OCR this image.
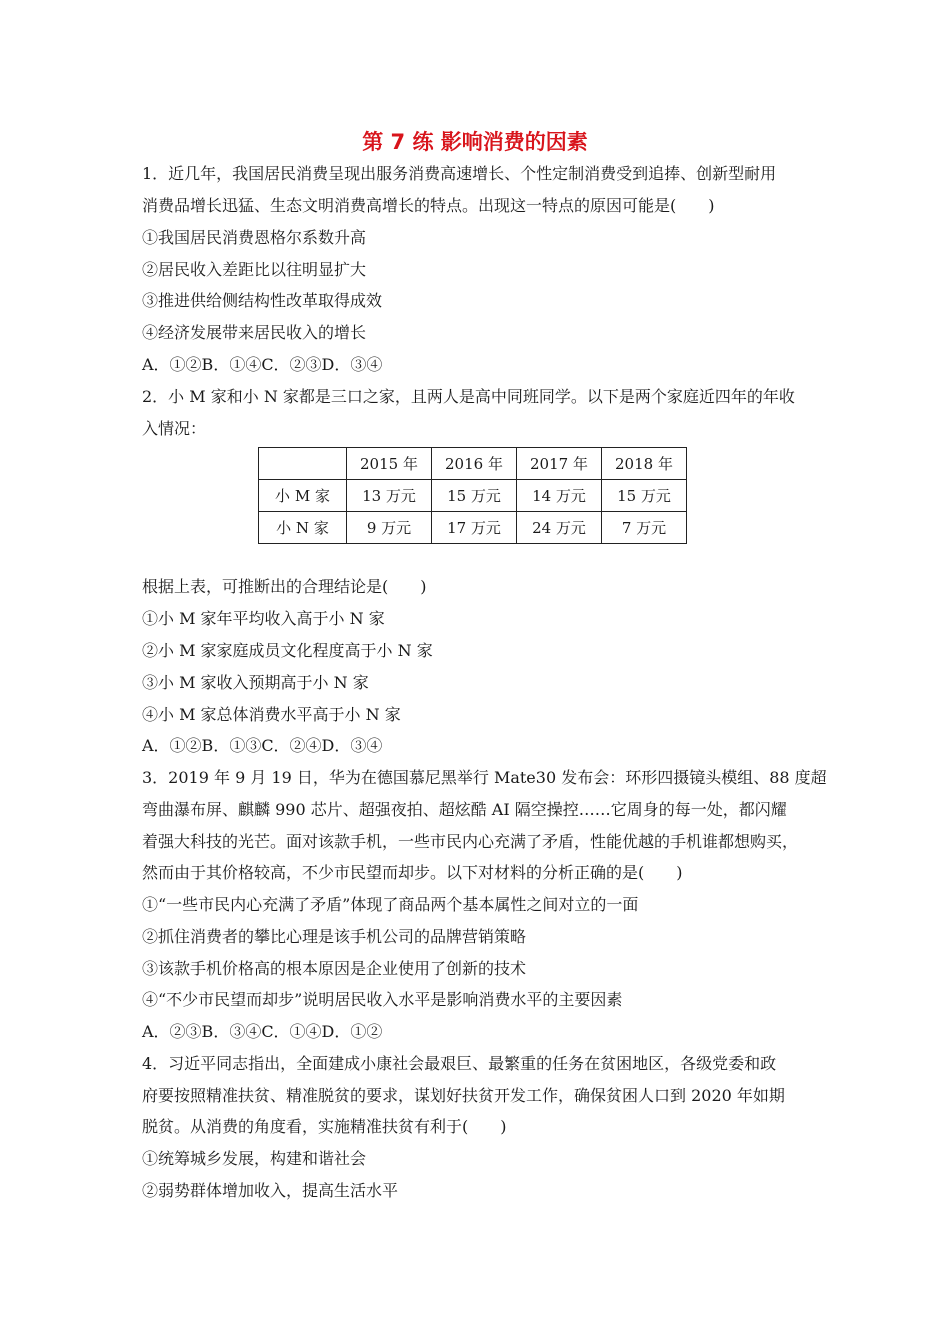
第 7 练 影响消费的因素
1．近几年，我国居民消费呈现出服务消费高速增长、个性定制消费受到追捧、创新型耐用
消费品增长迅猛、生态文明消费高增长的特点。出现这一特点的原因可能是(　　)
①我国居民消费恩格尔系数升高
②居民收入差距比以往明显扩大
③推进供给侧结构性改革取得成效
④经济发展带来居民收入的增长
A．①②B．①④C．②③D．③④
2．小 M 家和小 N 家都是三口之家，且两人是高中同班同学。以下是两个家庭近四年的年收
入情况：
	2015 年	2016 年	2017 年	2018 年
小 M 家	13 万元	15 万元	14 万元	15 万元
小 N 家	9 万元	17 万元	24 万元	7 万元
根据上表，可推断出的合理结论是(　　)
①小 M 家年平均收入高于小 N 家
②小 M 家家庭成员文化程度高于小 N 家
③小 M 家收入预期高于小 N 家
④小 M 家总体消费水平高于小 N 家
A．①②B．①③C．②④D．③④
3．2019 年 9 月 19 日，华为在德国慕尼黑举行 Mate30 发布会：环形四摄镜头模组、88 度超
弯曲瀑布屏、麒麟 990 芯片、超强夜拍、超炫酷 AI 隔空操控……它周身的每一处，都闪耀
着强大科技的光芒。面对该款手机，一些市民内心充满了矛盾，性能优越的手机谁都想购买，
然而由于其价格较高，不少市民望而却步。以下对材料的分析正确的是(　　)
①“一些市民内心充满了矛盾”体现了商品两个基本属性之间对立的一面
②抓住消费者的攀比心理是该手机公司的品牌营销策略
③该款手机价格高的根本原因是企业使用了创新的技术
④“不少市民望而却步”说明居民收入水平是影响消费水平的主要因素
A．②③B．③④C．①④D．①②
4．习近平同志指出，全面建成小康社会最艰巨、最繁重的任务在贫困地区，各级党委和政
府要按照精准扶贫、精准脱贫的要求，谋划好扶贫开发工作，确保贫困人口到 2020 年如期
脱贫。从消费的角度看，实施精准扶贫有利于(　　)
①统筹城乡发展，构建和谐社会
②弱势群体增加收入，提高生活水平
